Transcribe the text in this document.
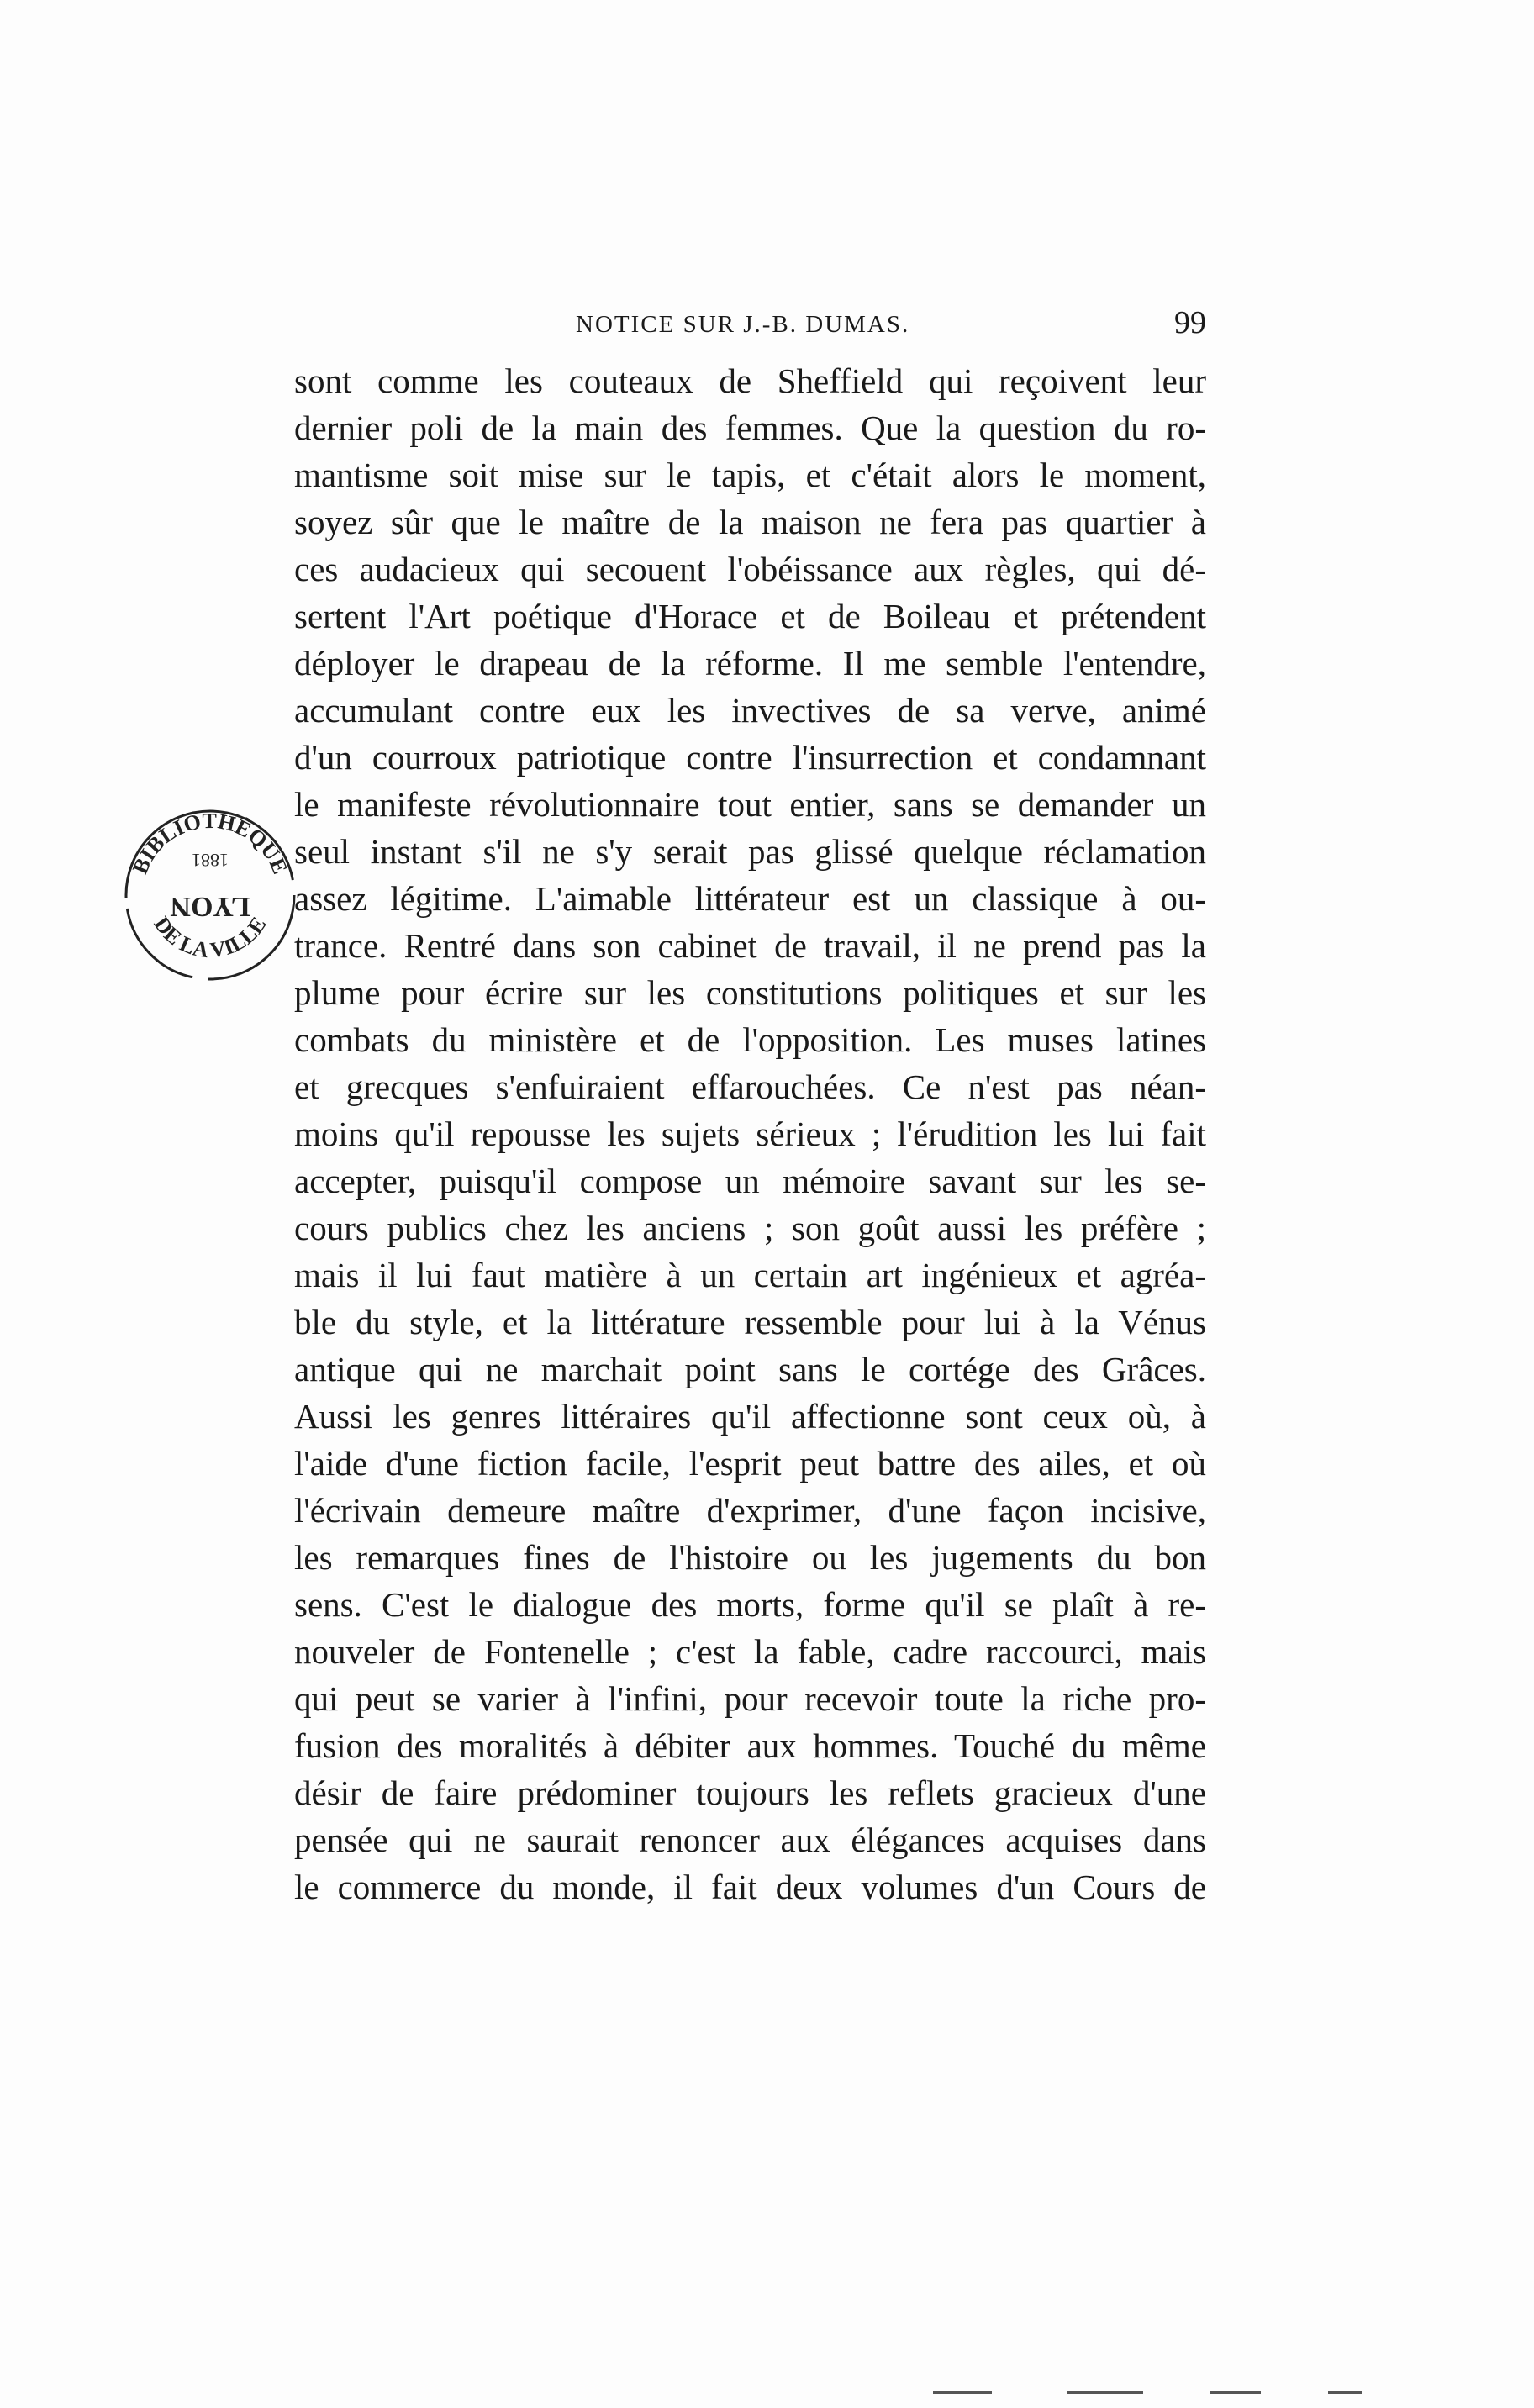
NOTICE SUR J.-B. DUMAS.	99
sont comme les couteaux de Sheffield qui reçoivent leur
dernier poli de la main des femmes. Que la question du ro-
mantisme soit mise sur le tapis, et c'était alors le moment,
soyez sûr que le maître de la maison ne fera pas quartier à
ces audacieux qui secouent l'obéissance aux règles, qui dé-
sertent l'Art poétique d'Horace et de Boileau et prétendent
déployer le drapeau de la réforme. Il me semble l'entendre,
accumulant contre eux les invectives de sa verve, animé
d'un courroux patriotique contre l'insurrection et condamnant
le manifeste révolutionnaire tout entier, sans se demander un
seul instant s'il ne s'y serait pas glissé quelque réclamation
assez légitime. L'aimable littérateur est un classique à ou-
trance. Rentré dans son cabinet de travail, il ne prend pas la
plume pour écrire sur les constitutions politiques et sur les
combats du ministère et de l'opposition. Les muses latines
et grecques s'enfuiraient effarouchées. Ce n'est pas néan-
moins qu'il repousse les sujets sérieux ; l'érudition les lui fait
accepter, puisqu'il compose un mémoire savant sur les se-
cours publics chez les anciens ; son goût aussi les préfère ;
mais il lui faut matière à un certain art ingénieux et agréa-
ble du style, et la littérature ressemble pour lui à la Vénus
antique qui ne marchait point sans le cortége des Grâces.
Aussi les genres littéraires qu'il affectionne sont ceux où, à
l'aide d'une fiction facile, l'esprit peut battre des ailes, et où
l'écrivain demeure maître d'exprimer, d'une façon incisive,
les remarques fines de l'histoire ou les jugements du bon
sens. C'est le dialogue des morts, forme qu'il se plaît à re-
nouveler de Fontenelle ; c'est la fable, cadre raccourci, mais
qui peut se varier à l'infini, pour recevoir toute la riche pro-
fusion des moralités à débiter aux hommes. Touché du même
désir de faire prédominer toujours les reflets gracieux d'une
pensée qui ne saurait renoncer aux élégances acquises dans
le commerce du monde, il fait deux volumes d'un Cours de
BIBLIOTHÈQUE
DE LA VILLE
LYON
1881
